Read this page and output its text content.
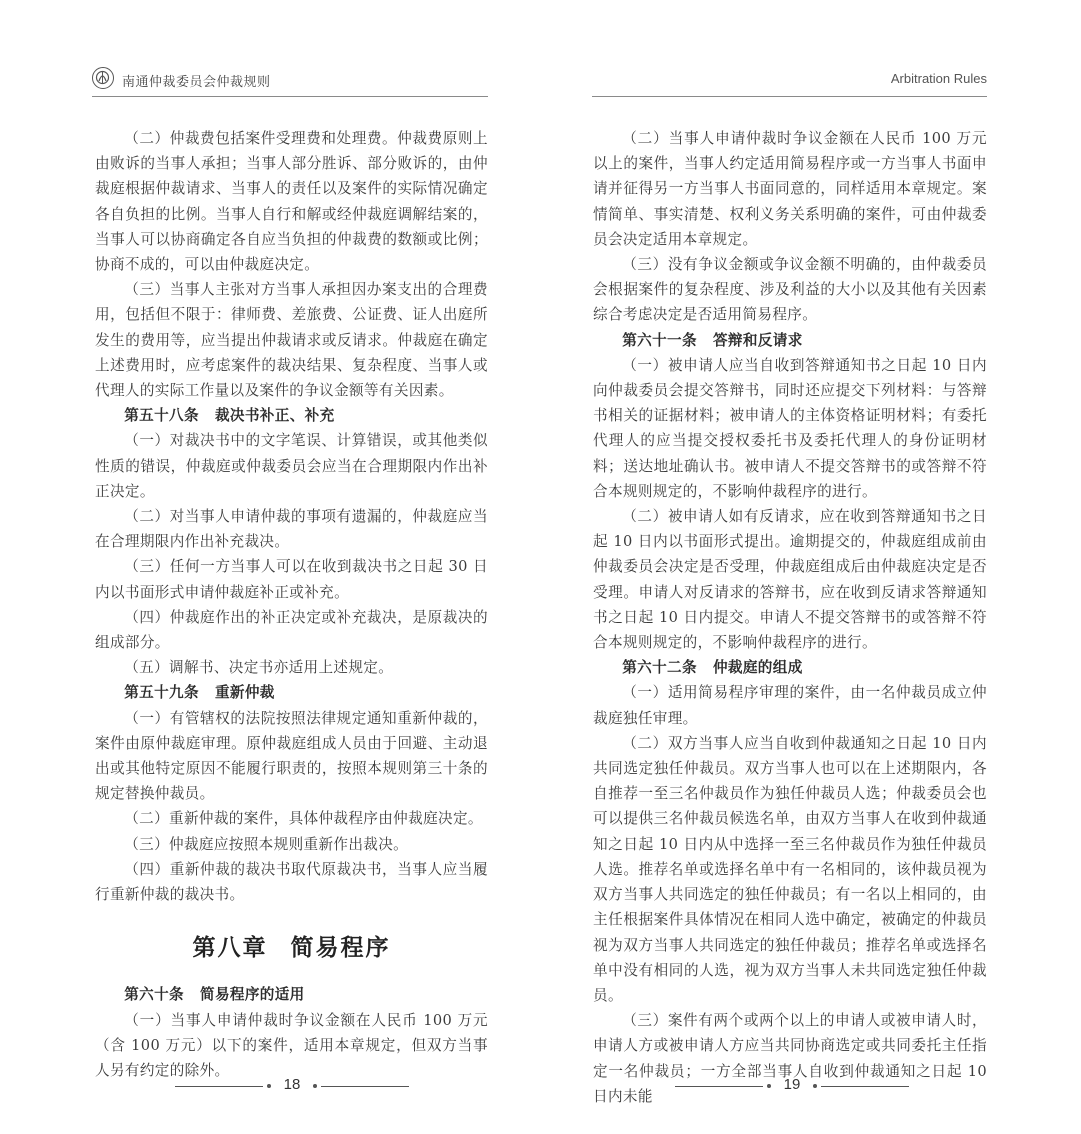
南通仲裁委员会仲裁规则

（二）仲裁费包括案件受理费和处理费。仲裁费原则上由败诉的当事人承担；当事人部分胜诉、部分败诉的，由仲裁庭根据仲裁请求、当事人的责任以及案件的实际情况确定各自负担的比例。当事人自行和解或经仲裁庭调解结案的，当事人可以协商确定各自应当负担的仲裁费的数额或比例；协商不成的，可以由仲裁庭决定。

（三）当事人主张对方当事人承担因办案支出的合理费用，包括但不限于：律师费、差旅费、公证费、证人出庭所发生的费用等，应当提出仲裁请求或反请求。仲裁庭在确定上述费用时，应考虑案件的裁决结果、复杂程度、当事人或代理人的实际工作量以及案件的争议金额等有关因素。

第五十八条 裁决书补正、补充

（一）对裁决书中的文字笔误、计算错误，或其他类似性质的错误，仲裁庭或仲裁委员会应当在合理期限内作出补正决定。

（二）对当事人申请仲裁的事项有遗漏的，仲裁庭应当在合理期限内作出补充裁决。

（三）任何一方当事人可以在收到裁决书之日起 30 日内以书面形式申请仲裁庭补正或补充。

（四）仲裁庭作出的补正决定或补充裁决，是原裁决的组成部分。

（五）调解书、决定书亦适用上述规定。

第五十九条 重新仲裁

（一）有管辖权的法院按照法律规定通知重新仲裁的，案件由原仲裁庭审理。原仲裁庭组成人员由于回避、主动退出或其他特定原因不能履行职责的，按照本规则第三十条的规定替换仲裁员。

（二）重新仲裁的案件，具体仲裁程序由仲裁庭决定。

（三）仲裁庭应按照本规则重新作出裁决。

（四）重新仲裁的裁决书取代原裁决书，当事人应当履行重新仲裁的裁决书。

第八章 简易程序

第六十条 简易程序的适用

（一）当事人申请仲裁时争议金额在人民币 100 万元（含 100 万元）以下的案件，适用本章规定，但双方当事人另有约定的除外。

18
Arbitration Rules

（二）当事人申请仲裁时争议金额在人民币 100 万元以上的案件，当事人约定适用简易程序或一方当事人书面申请并征得另一方当事人书面同意的，同样适用本章规定。案情简单、事实清楚、权利义务关系明确的案件，可由仲裁委员会决定适用本章规定。

（三）没有争议金额或争议金额不明确的，由仲裁委员会根据案件的复杂程度、涉及利益的大小以及其他有关因素综合考虑决定是否适用简易程序。

第六十一条 答辩和反请求

（一）被申请人应当自收到答辩通知书之日起 10 日内向仲裁委员会提交答辩书，同时还应提交下列材料：与答辩书相关的证据材料；被申请人的主体资格证明材料；有委托代理人的应当提交授权委托书及委托代理人的身份证明材料；送达地址确认书。被申请人不提交答辩书的或答辩不符合本规则规定的，不影响仲裁程序的进行。

（二）被申请人如有反请求，应在收到答辩通知书之日起 10 日内以书面形式提出。逾期提交的，仲裁庭组成前由仲裁委员会决定是否受理，仲裁庭组成后由仲裁庭决定是否受理。申请人对反请求的答辩书，应在收到反请求答辩通知书之日起 10 日内提交。申请人不提交答辩书的或答辩不符合本规则规定的，不影响仲裁程序的进行。

第六十二条 仲裁庭的组成

（一）适用简易程序审理的案件，由一名仲裁员成立仲裁庭独任审理。

（二）双方当事人应当自收到仲裁通知之日起 10 日内共同选定独任仲裁员。双方当事人也可以在上述期限内，各自推荐一至三名仲裁员作为独任仲裁员人选；仲裁委员会也可以提供三名仲裁员候选名单，由双方当事人在收到仲裁通知之日起 10 日内从中选择一至三名仲裁员作为独任仲裁员人选。推荐名单或选择名单中有一名相同的，该仲裁员视为双方当事人共同选定的独任仲裁员；有一名以上相同的，由主任根据案件具体情况在相同人选中确定，被确定的仲裁员视为双方当事人共同选定的独任仲裁员；推荐名单或选择名单中没有相同的人选，视为双方当事人未共同选定独任仲裁员。

（三）案件有两个或两个以上的申请人或被申请人时，申请人方或被申请人方应当共同协商选定或共同委托主任指定一名仲裁员；一方全部当事人自收到仲裁通知之日起 10 日内未能

19
